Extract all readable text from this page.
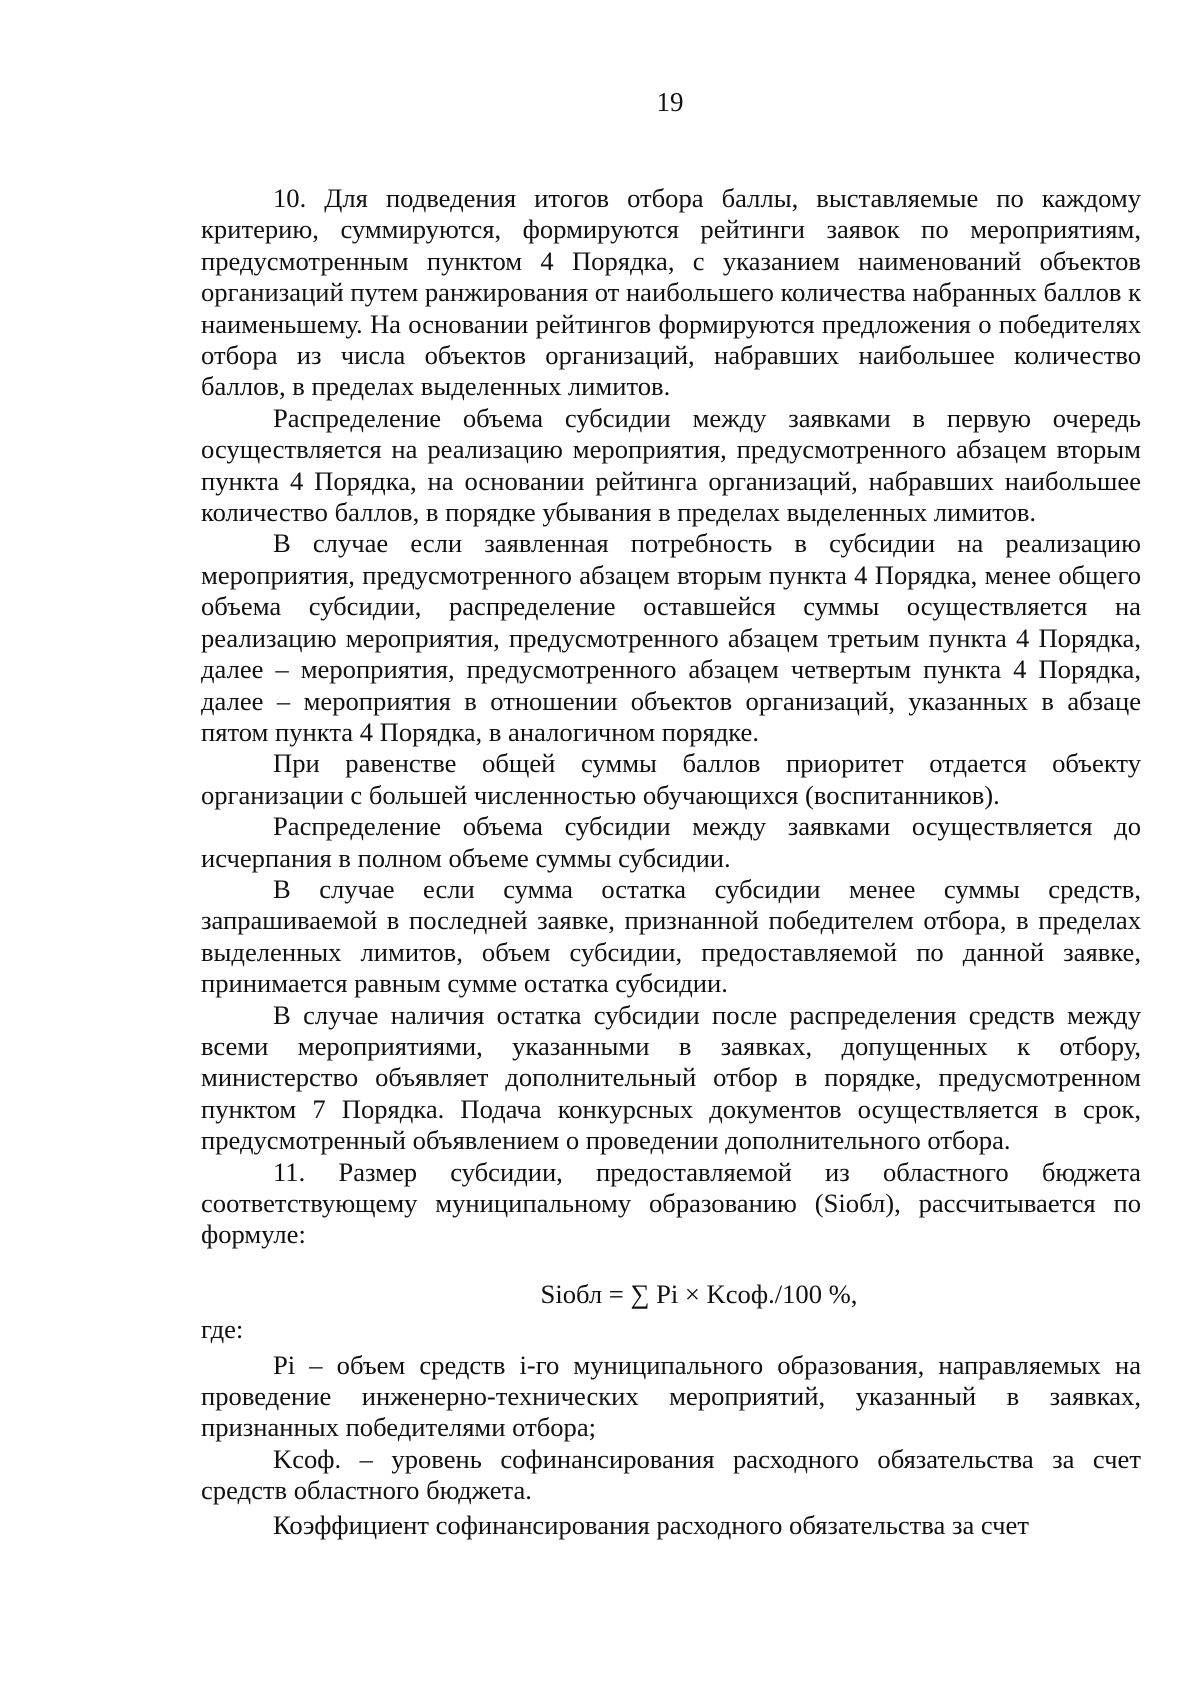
19

10. Для подведения итогов отбора баллы, выставляемые по каждому критерию, суммируются, формируются рейтинги заявок по мероприятиям, предусмотренным пунктом 4 Порядка, с указанием наименований объектов организаций путем ранжирования от наибольшего количества набранных баллов к наименьшему. На основании рейтингов формируются предложения о победителях отбора из числа объектов организаций, набравших наибольшее количество баллов, в пределах выделенных лимитов.

Распределение объема субсидии между заявками в первую очередь осуществляется на реализацию мероприятия, предусмотренного абзацем вторым пункта 4 Порядка, на основании рейтинга организаций, набравших наибольшее количество баллов, в порядке убывания в пределах выделенных лимитов.

В случае если заявленная потребность в субсидии на реализацию мероприятия, предусмотренного абзацем вторым пункта 4 Порядка, менее общего объема субсидии, распределение оставшейся суммы осуществляется на реализацию мероприятия, предусмотренного абзацем третьим пункта 4 Порядка, далее – мероприятия, предусмотренного абзацем четвертым пункта 4 Порядка, далее – мероприятия в отношении объектов организаций, указанных в абзаце пятом пункта 4 Порядка, в аналогичном порядке.

При равенстве общей суммы баллов приоритет отдается объекту организации с большей численностью обучающихся (воспитанников).

Распределение объема субсидии между заявками осуществляется до исчерпания в полном объеме суммы субсидии.

В случае если сумма остатка субсидии менее суммы средств, запрашиваемой в последней заявке, признанной победителем отбора, в пределах выделенных лимитов, объем субсидии, предоставляемой по данной заявке, принимается равным сумме остатка субсидии.

В случае наличия остатка субсидии после распределения средств между всеми мероприятиями, указанными в заявках, допущенных к отбору, министерство объявляет дополнительный отбор в порядке, предусмотренном пунктом 7 Порядка. Подача конкурсных документов осуществляется в срок, предусмотренный объявлением о проведении дополнительного отбора.

11. Размер субсидии, предоставляемой из областного бюджета соответствующему муниципальному образованию (Siобл), рассчитывается по формуле:

Siобл = ∑ Pi × Kсоф./100 %,

где:

Pi – объем средств i-го муниципального образования, направляемых на проведение инженерно-технических мероприятий, указанный в заявках, признанных победителями отбора;

Kсоф. – уровень софинансирования расходного обязательства за счет средств областного бюджета.

Коэффициент софинансирования расходного обязательства за счет
